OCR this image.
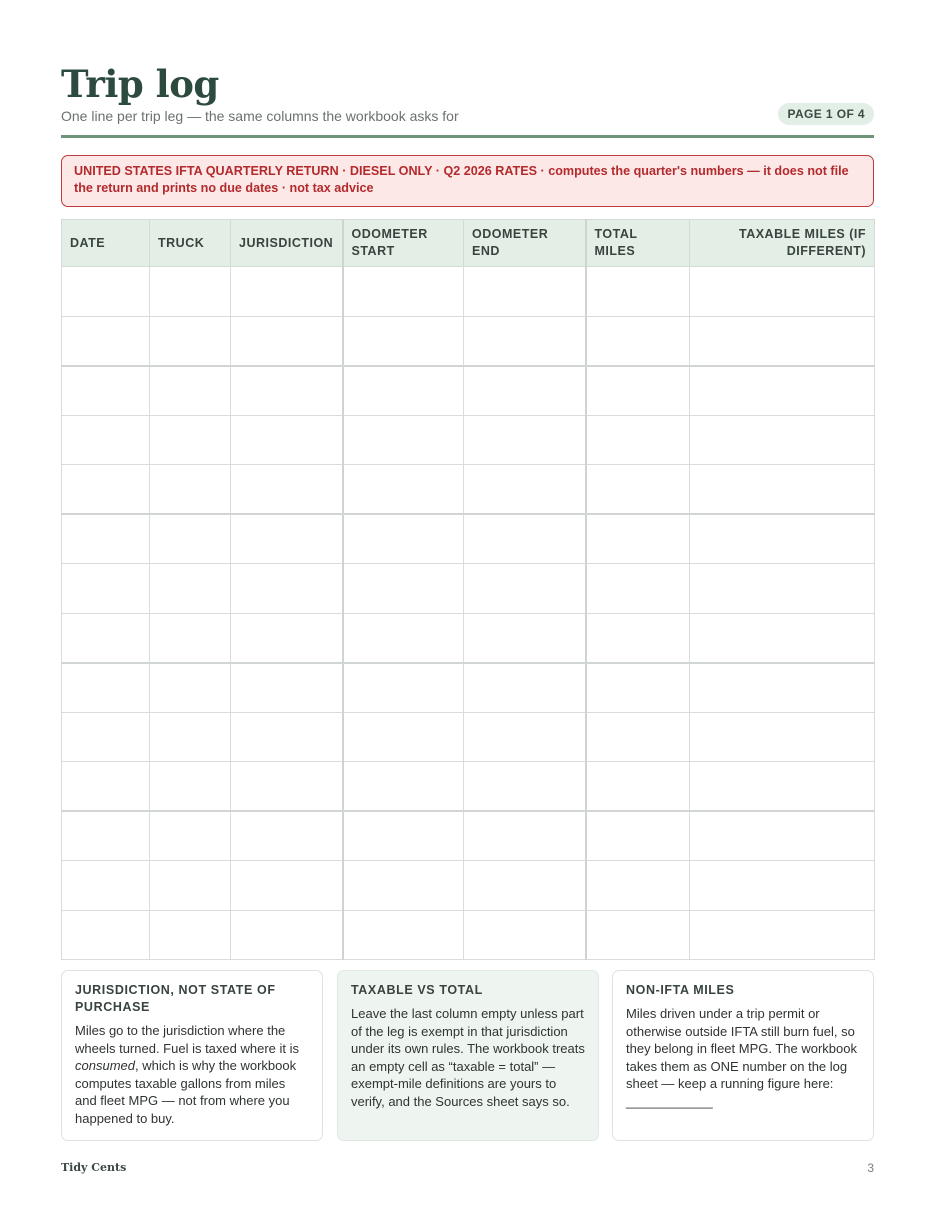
Trip log
One line per trip leg — the same columns the workbook asks for	PAGE 1 OF 4
UNITED STATES IFTA QUARTERLY RETURN · DIESEL ONLY · Q2 2026 RATES · computes the quarter's numbers — it does not file the return and prints no due dates · not tax advice
DATE	TRUCK	JURISDICTION	ODOMETER START	ODOMETER END	TOTAL MILES	TAXABLE MILES (IF DIFFERENT)

JURISDICTION, NOT STATE OF PURCHASE
Miles go to the jurisdiction where the wheels turned. Fuel is taxed where it is consumed, which is why the workbook computes taxable gallons from miles and fleet MPG — not from where you happened to buy.
TAXABLE VS TOTAL
Leave the last column empty unless part of the leg is exempt in that jurisdiction under its own rules. The workbook treats an empty cell as “taxable = total” — exempt-mile definitions are yours to verify, and the Sources sheet says so.
NON-IFTA MILES
Miles driven under a trip permit or otherwise outside IFTA still burn fuel, so they belong in fleet MPG. The workbook takes them as ONE number on the log sheet — keep a running figure here: ____________
Tidy Cents	3
